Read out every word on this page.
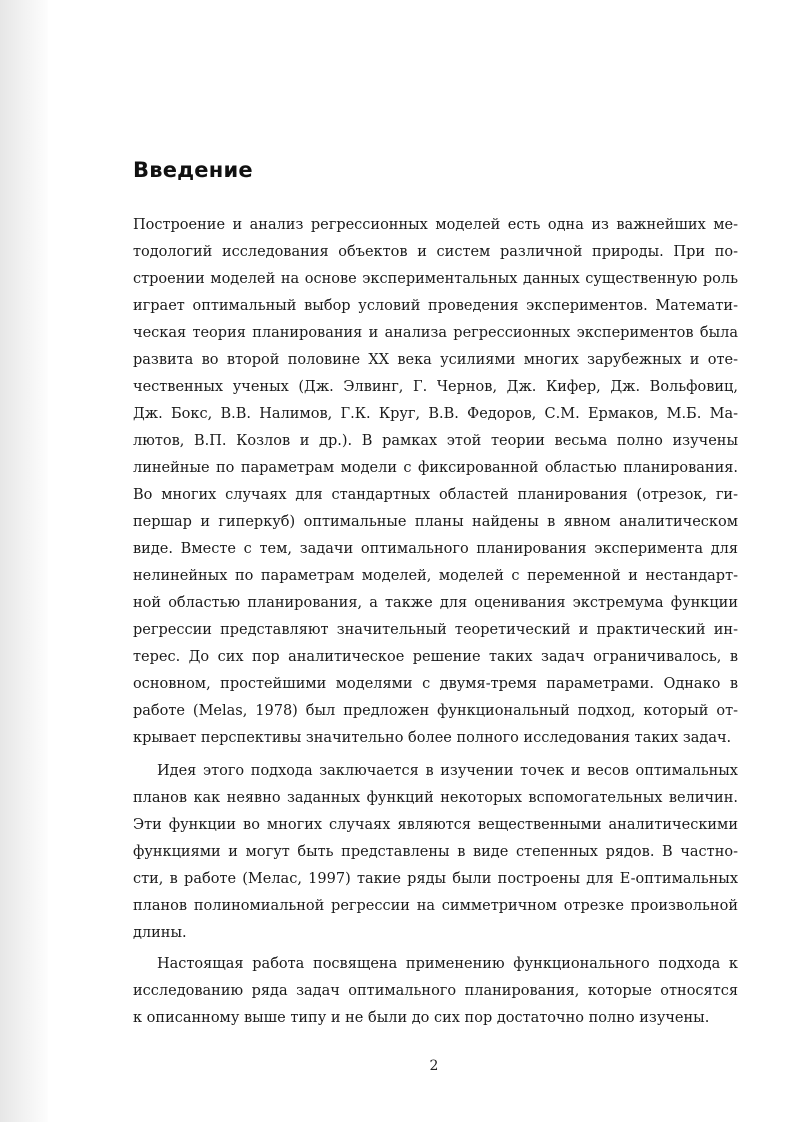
Введение
Построение и анализ регрессионных моделей есть одна из важнейших ме-
тодологий исследования объектов и систем различной природы. При по-
строении моделей на основе экспериментальных данных существенную роль
играет оптимальный выбор условий проведения экспериментов. Математи-
ческая теория планирования и анализа регрессионных экспериментов была
развита во второй половине XX века усилиями многих зарубежных и оте-
чественных ученых (Дж. Элвинг, Г. Чернов, Дж. Кифер, Дж. Вольфовиц,
Дж. Бокс, В.В. Налимов, Г.К. Круг, В.В. Федоров, С.М. Ермаков, М.Б. Ма-
лютов, В.П. Козлов и др.). В рамках этой теории весьма полно изучены
линейные по параметрам модели с фиксированной областью планирования.
Во многих случаях для стандартных областей планирования (отрезок, ги-
першар и гиперкуб) оптимальные планы найдены в явном аналитическом
виде. Вместе с тем, задачи оптимального планирования эксперимента для
нелинейных по параметрам моделей, моделей с переменной и нестандарт-
ной областью планирования, а также для оценивания экстремума функции
регрессии представляют значительный теоретический и практический ин-
терес. До сих пор аналитическое решение таких задач ограничивалось, в
основном, простейшими моделями с двумя-тремя параметрами. Однако в
работе (Melas, 1978) был предложен функциональный подход, который от-
крывает перспективы значительно более полного исследования таких задач.
Идея этого подхода заключается в изучении точек и весов оптимальных
планов как неявно заданных функций некоторых вспомогательных величин.
Эти функции во многих случаях являются вещественными аналитическими
функциями и могут быть представлены в виде степенных рядов. В частно-
сти, в работе (Мелас, 1997) такие ряды были построены для E-оптимальных
планов полиномиальной регрессии на симметричном отрезке произвольной
длины.
Настоящая работа посвящена применению функционального подхода к
исследованию ряда задач оптимального планирования, которые относятся
к описанному выше типу и не были до сих пор достаточно полно изучены.
2
